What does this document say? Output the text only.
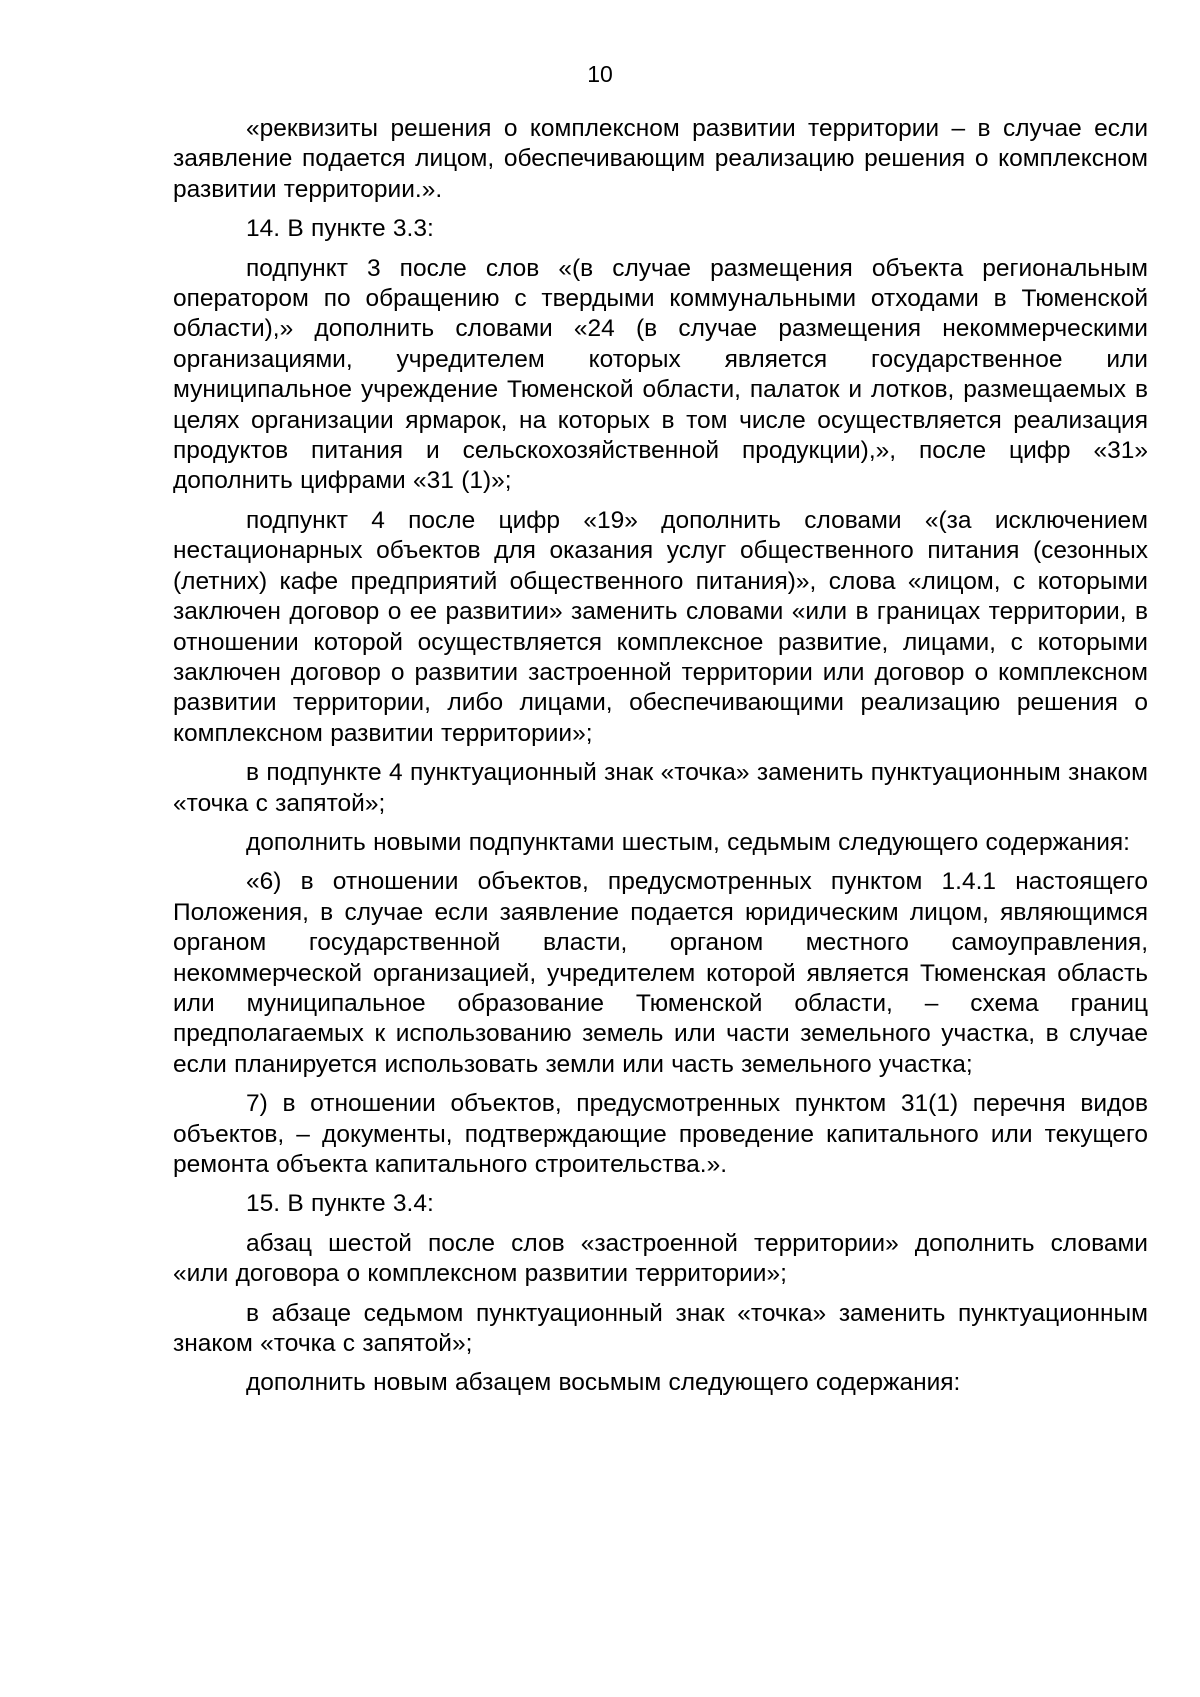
10

«реквизиты решения о комплексном развитии территории – в случае если заявление подается лицом, обеспечивающим реализацию решения о комплексном развитии территории.».

14. В пункте 3.3:

подпункт 3 после слов «(в случае размещения объекта региональным оператором по обращению с твердыми коммунальными отходами в Тюменской области),» дополнить словами «24 (в случае размещения некоммерческими организациями, учредителем которых является государственное или муниципальное учреждение Тюменской области, палаток и лотков, размещаемых в целях организации ярмарок, на которых в том числе осуществляется реализация продуктов питания и сельскохозяйственной продукции),», после цифр «31» дополнить цифрами «31 (1)»;

подпункт 4 после цифр «19» дополнить словами «(за исключением нестационарных объектов для оказания услуг общественного питания (сезонных (летних) кафе предприятий общественного питания)», слова «лицом, с которыми заключен договор о ее развитии» заменить словами «или в границах территории, в отношении которой осуществляется комплексное развитие, лицами, с которыми заключен договор о развитии застроенной территории или договор о комплексном развитии территории, либо лицами, обеспечивающими реализацию решения о комплексном развитии территории»;

в подпункте 4 пунктуационный знак «точка» заменить пунктуационным знаком «точка с запятой»;

дополнить новыми подпунктами шестым, седьмым следующего содержания:

«6) в отношении объектов, предусмотренных пунктом 1.4.1 настоящего Положения, в случае если заявление подается юридическим лицом, являющимся органом государственной власти, органом местного самоуправления, некоммерческой организацией, учредителем которой является Тюменская область или муниципальное образование Тюменской области, – схема границ предполагаемых к использованию земель или части земельного участка, в случае если планируется использовать земли или часть земельного участка;

7) в отношении объектов, предусмотренных пунктом 31(1) перечня видов объектов, – документы, подтверждающие проведение капитального или текущего ремонта объекта капитального строительства.».

15. В пункте 3.4:

абзац шестой после слов «застроенной территории» дополнить словами «или договора о комплексном развитии территории»;

в абзаце седьмом пунктуационный знак «точка» заменить пунктуационным знаком «точка с запятой»;

дополнить новым абзацем восьмым следующего содержания:
